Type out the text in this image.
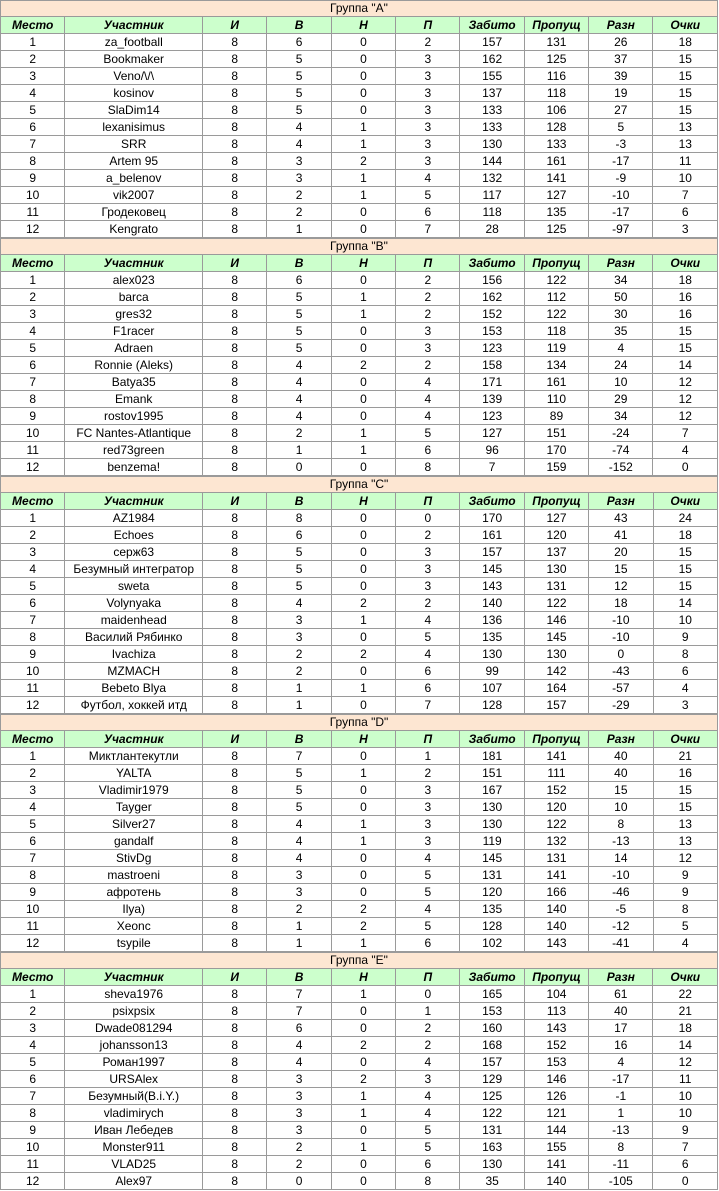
Группа "A"									
Место	Участник	И	В	Н	П	Забито	Пропущ	Разн	Очки
1	za_football	8	6	0	2	157	131	26	18
2	Bookmaker	8	5	0	3	162	125	37	15
3	Veno/\/\	8	5	0	3	155	116	39	15
4	kosinov	8	5	0	3	137	118	19	15
5	SlaDim14	8	5	0	3	133	106	27	15
6	lexanisimus	8	4	1	3	133	128	5	13
7	SRR	8	4	1	3	130	133	-3	13
8	Artem 95	8	3	2	3	144	161	-17	11
9	a_belenov	8	3	1	4	132	141	-9	10
10	vik2007	8	2	1	5	117	127	-10	7
11	Гродековец	8	2	0	6	118	135	-17	6
12	Kengrato	8	1	0	7	28	125	-97	3
Группа "B"									
Место	Участник	И	В	Н	П	Забито	Пропущ	Разн	Очки
1	alex023	8	6	0	2	156	122	34	18
2	barca	8	5	1	2	162	112	50	16
3	gres32	8	5	1	2	152	122	30	16
4	F1racer	8	5	0	3	153	118	35	15
5	Adraen	8	5	0	3	123	119	4	15
6	Ronnie (Aleks)	8	4	2	2	158	134	24	14
7	Batya35	8	4	0	4	171	161	10	12
8	Emank	8	4	0	4	139	110	29	12
9	rostov1995	8	4	0	4	123	89	34	12
10	FC Nantes-Atlantique	8	2	1	5	127	151	-24	7
11	red73green	8	1	1	6	96	170	-74	4
12	benzema!	8	0	0	8	7	159	-152	0
Группа "C"									
Место	Участник	И	В	Н	П	Забито	Пропущ	Разн	Очки
1	AZ1984	8	8	0	0	170	127	43	24
2	Echoes	8	6	0	2	161	120	41	18
3	серж63	8	5	0	3	157	137	20	15
4	Безумный интегратор	8	5	0	3	145	130	15	15
5	sweta	8	5	0	3	143	131	12	15
6	Volynyaka	8	4	2	2	140	122	18	14
7	maidenhead	8	3	1	4	136	146	-10	10
8	Василий Рябинко	8	3	0	5	135	145	-10	9
9	Ivachiza	8	2	2	4	130	130	0	8
10	MZMACH	8	2	0	6	99	142	-43	6
11	Bebeto Blya	8	1	1	6	107	164	-57	4
12	Футбол, хоккей итд	8	1	0	7	128	157	-29	3
Группа "D"									
Место	Участник	И	В	Н	П	Забито	Пропущ	Разн	Очки
1	Миктлантекутли	8	7	0	1	181	141	40	21
2	YALTA	8	5	1	2	151	111	40	16
3	Vladimir1979	8	5	0	3	167	152	15	15
4	Tayger	8	5	0	3	130	120	10	15
5	Silver27	8	4	1	3	130	122	8	13
6	gandalf	8	4	1	3	119	132	-13	13
7	StivDg	8	4	0	4	145	131	14	12
8	mastroeni	8	3	0	5	131	141	-10	9
9	афротень	8	3	0	5	120	166	-46	9
10	Ilya)	8	2	2	4	135	140	-5	8
11	Xeonc	8	1	2	5	128	140	-12	5
12	tsypile	8	1	1	6	102	143	-41	4
Группа "E"									
Место	Участник	И	В	Н	П	Забито	Пропущ	Разн	Очки
1	sheva1976	8	7	1	0	165	104	61	22
2	psixpsix	8	7	0	1	153	113	40	21
3	Dwade081294	8	6	0	2	160	143	17	18
4	johansson13	8	4	2	2	168	152	16	14
5	Роман1997	8	4	0	4	157	153	4	12
6	URSAlex	8	3	2	3	129	146	-17	11
7	Безумный(B.i.Y.)	8	3	1	4	125	126	-1	10
8	vladimirych	8	3	1	4	122	121	1	10
9	Иван Лебедев	8	3	0	5	131	144	-13	9
10	Monster911	8	2	1	5	163	155	8	7
11	VLAD25	8	2	0	6	130	141	-11	6
12	Alex97	8	0	0	8	35	140	-105	0
